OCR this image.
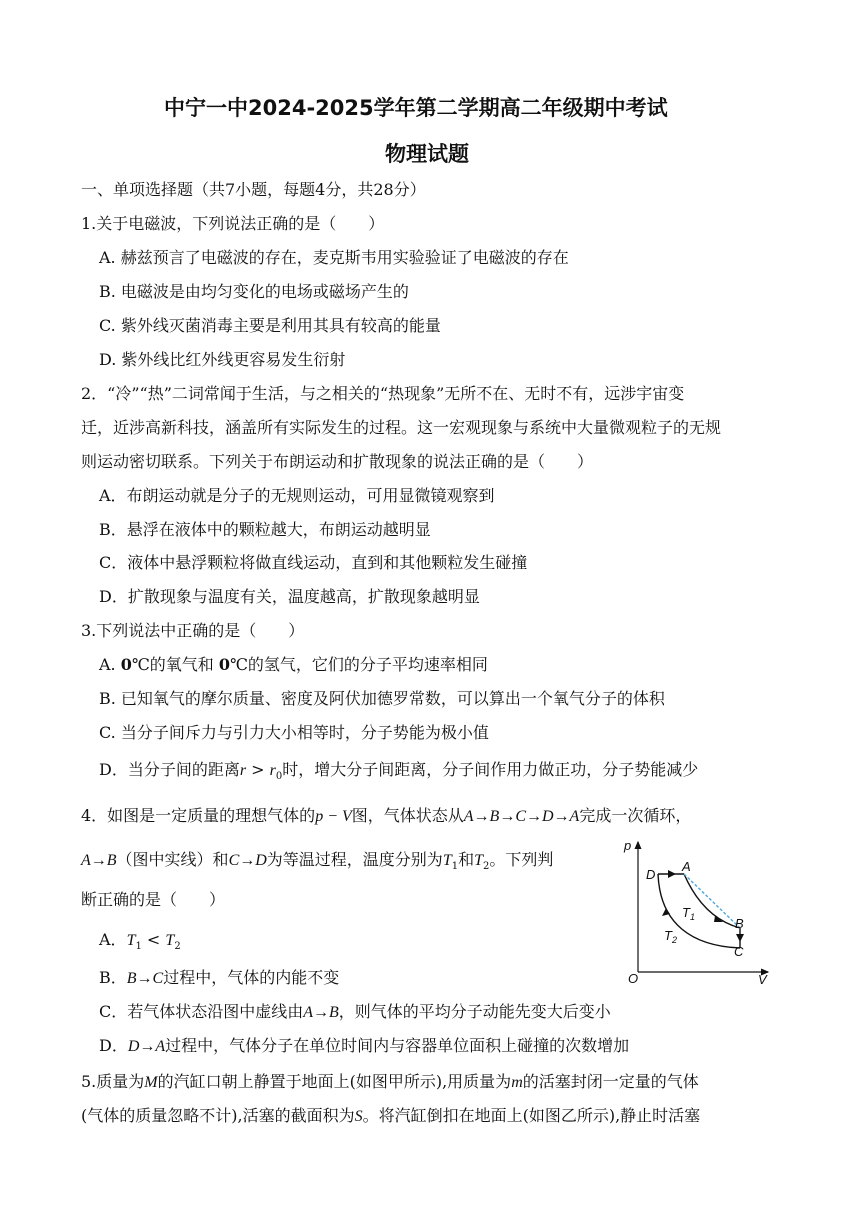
中宁一中2024-2025学年第二学期高二年级期中考试
物理试题
一、单项选择题（共7小题，每题4分，共28分）
1.关于电磁波，下列说法正确的是（　　）
A. 赫兹预言了电磁波的存在，麦克斯韦用实验验证了电磁波的存在
B. 电磁波是由均匀变化的电场或磁场产生的
C. 紫外线灭菌消毒主要是利用其具有较高的能量
D. 紫外线比红外线更容易发生衍射
2．“冷”“热”二词常闻于生活，与之相关的“热现象”无所不在、无时不有，远涉宇宙变
迁，近涉高新科技，涵盖所有实际发生的过程。这一宏观现象与系统中大量微观粒子的无规
则运动密切联系。下列关于布朗运动和扩散现象的说法正确的是（　　）
A．布朗运动就是分子的无规则运动，可用显微镜观察到
B．悬浮在液体中的颗粒越大，布朗运动越明显
C．液体中悬浮颗粒将做直线运动，直到和其他颗粒发生碰撞
D．扩散现象与温度有关，温度越高，扩散现象越明显
3.下列说法中正确的是（　　）
A. 0℃的氧气和 0℃的氢气，它们的分子平均速率相同
B. 已知氧气的摩尔质量、密度及阿伏加德罗常数，可以算出一个氧气分子的体积
C. 当分子间斥力与引力大小相等时，分子势能为极小值
D．当分子间的距离$r > r_0$时，增大分子间距离，分子间作用力做正功，分子势能减少
4．如图是一定质量的理想气体的p − V图，气体状态从A→B→C→D→A完成一次循环，
A→B（图中实线）和C→D为等温过程，温度分别为$T_1$和$T_2$。下列判
断正确的是（　　）
A．$T_1 < T_2$
B．B→C过程中，气体的内能不变
C．若气体状态沿图中虚线由A→B，则气体的平均分子动能先变大后变小
D．D→A过程中，气体分子在单位时间内与容器单位面积上碰撞的次数增加
p
V
O
D
A
B
C
$T_1$
$T_2$
5.质量为M的汽缸口朝上静置于地面上(如图甲所示),用质量为m的活塞封闭一定量的气体
(气体的质量忽略不计),活塞的截面积为S。将汽缸倒扣在地面上(如图乙所示),静止时活塞
